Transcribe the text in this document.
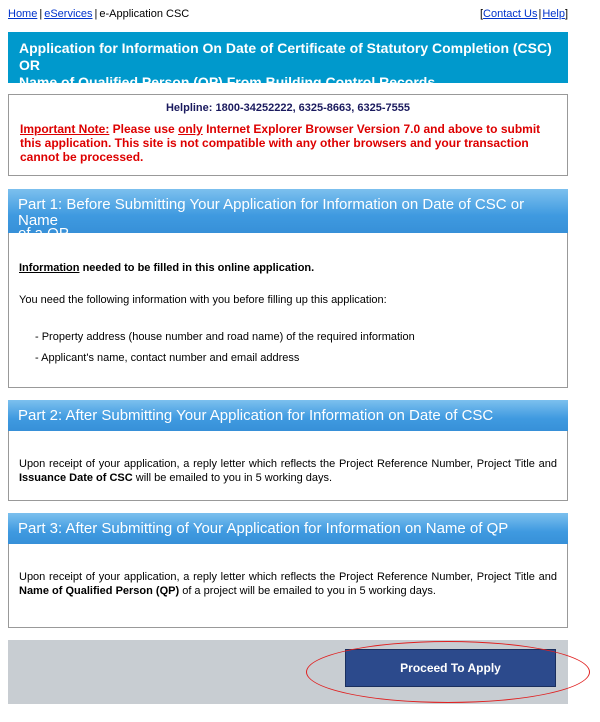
Home | eServices | e-Application CSC	[Contact Us|Help]
Application for Information On Date of Certificate of Statutory Completion (CSC) OR
Name of Qualified Person (QP) From Building Control Records
Helpline: 1800-34252222, 6325-8663, 6325-7555
Important Note: Please use only Internet Explorer Browser Version 7.0 and above to submit this application. This site is not compatible with any other browsers and your transaction cannot be processed.
Part 1: Before Submitting Your Application for Information on Date of CSC or Name
Information needed to be filled in this online application.
You need the following information with you before filling up this application:
- Property address (house number and road name) of the required information
- Applicant's name, contact number and email address
Part 2: After Submitting Your Application for Information on Date of CSC
Upon receipt of your application, a reply letter which reflects the Project Reference Number, Project Title and Issuance Date of CSC will be emailed to you in 5 working days.
Part 3: After Submitting of Your Application for Information on Name of QP
Upon receipt of your application, a reply letter which reflects the Project Reference Number, Project Title and Name of Qualified Person (QP) of a project will be emailed to you in 5 working days.
Proceed To Apply
